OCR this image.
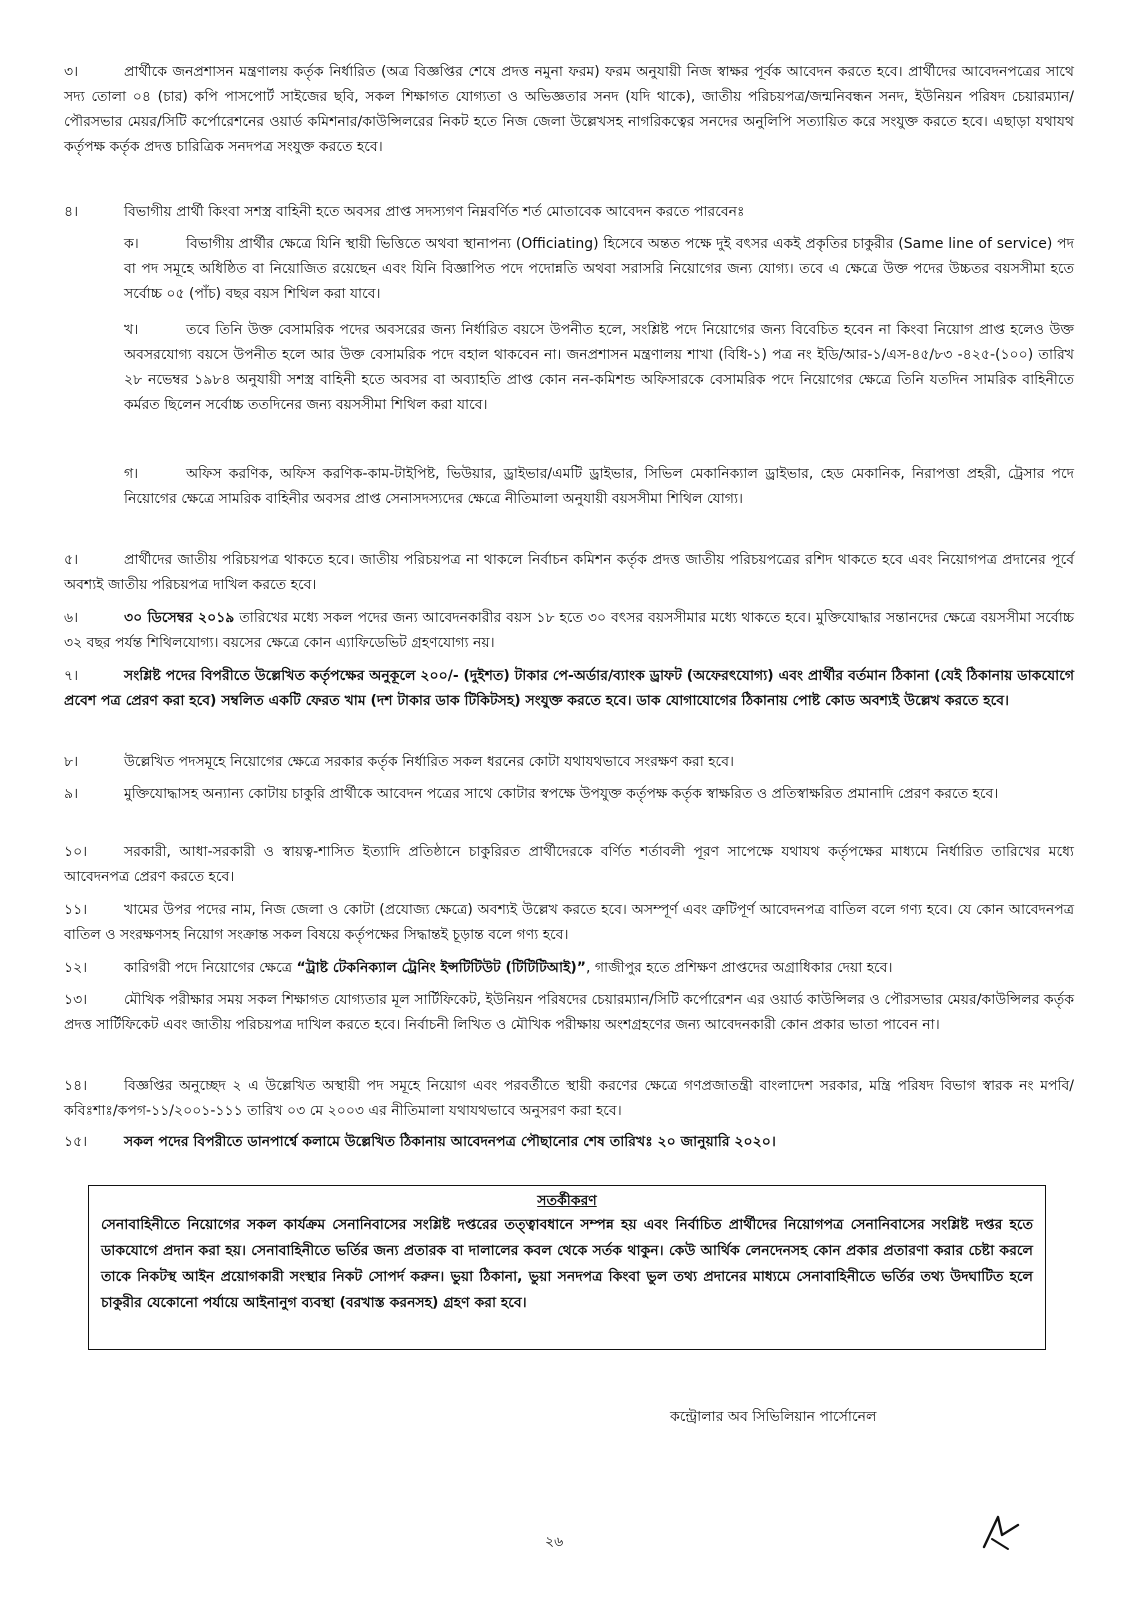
৩।	প্রার্থীকে জনপ্রশাসন মন্ত্রণালয় কর্তৃক নির্ধারিত (অত্র বিজ্ঞপ্তির শেষে প্রদত্ত নমুনা ফরম) ফরম অনুযায়ী নিজ স্বাক্ষর পূর্বক আবেদন করতে হবে। প্রার্থীদের আবেদনপত্রের সাথে সদ্য তোলা ০৪ (চার) কপি পাসপোর্ট সাইজের ছবি, সকল শিক্ষাগত যোগ্যতা ও অভিজ্ঞতার সনদ (যদি থাকে), জাতীয় পরিচয়পত্র/জন্মনিবন্ধন সনদ, ইউনিয়ন পরিষদ চেয়ারম্যান/পৌরসভার মেয়র/সিটি কর্পোরেশনের ওয়ার্ড কমিশনার/কাউন্সিলরের নিকট হতে নিজ জেলা উল্লেখসহ নাগরিকত্বের সনদের অনুলিপি সত্যায়িত করে সংযুক্ত করতে হবে। এছাড়া যথাযথ কর্তৃপক্ষ কর্তৃক প্রদত্ত চারিত্রিক সনদপত্র সংযুক্ত করতে হবে।
৪।	বিভাগীয় প্রার্থী কিংবা সশস্ত্র বাহিনী হতে অবসর প্রাপ্ত সদস্যগণ নিম্নবর্ণিত শর্ত মোতাবেক আবেদন করতে পারবেনঃ
ক।	বিভাগীয় প্রার্থীর ক্ষেত্রে যিনি স্থায়ী ভিত্তিতে অথবা স্থানাপন্য (Officiating) হিসেবে অন্তত পক্ষে দুই বৎসর একই প্রকৃতির চাকুরীর (Same line of service) পদ বা পদ সমূহে অধিষ্ঠিত বা নিয়োজিত রয়েছেন এবং যিনি বিজ্ঞাপিত পদে পদোন্নতি অথবা সরাসরি নিয়োগের জন্য যোগ্য। তবে এ ক্ষেত্রে উক্ত পদের উচ্চতর বয়সসীমা হতে সর্বোচ্চ ০৫ (পাঁচ) বছর বয়স শিথিল করা যাবে।
খ।	তবে তিনি উক্ত বেসামরিক পদের অবসরের জন্য নির্ধারিত বয়সে উপনীত হলে, সংশ্লিষ্ট পদে নিয়োগের জন্য বিবেচিত হবেন না কিংবা নিয়োগ প্রাপ্ত হলেও উক্ত অবসরযোগ্য বয়সে উপনীত হলে আর উক্ত বেসামরিক পদে বহাল থাকবেন না। জনপ্রশাসন মন্ত্রণালয় শাখা (বিধি-১) পত্র নং ইডি/আর-১/এস-৪৫/৮৩ -৪২৫-(১০০) তারিখ ২৮ নভেম্বর ১৯৮৪ অনুযায়ী সশস্ত্র বাহিনী হতে অবসর বা অব্যাহতি প্রাপ্ত কোন নন-কমিশন্ড অফিসারকে বেসামরিক পদে নিয়োগের ক্ষেত্রে তিনি যতদিন সামরিক বাহিনীতে কর্মরত ছিলেন সর্বোচ্চ ততদিনের জন্য বয়সসীমা শিথিল করা যাবে।
গ।	অফিস করণিক, অফিস করণিক-কাম-টাইপিষ্ট, ভিউয়ার, ড্রাইভার/এমটি ড্রাইভার, সিভিল মেকানিক্যাল ড্রাইভার, হেড মেকানিক, নিরাপত্তা প্রহরী, ট্রেসার পদে নিয়োগের ক্ষেত্রে সামরিক বাহিনীর অবসর প্রাপ্ত সেনাসদস্যদের ক্ষেত্রে নীতিমালা অনুযায়ী বয়সসীমা শিথিল যোগ্য।
৫।	প্রার্থীদের জাতীয় পরিচয়পত্র থাকতে হবে। জাতীয় পরিচয়পত্র না থাকলে নির্বাচন কমিশন কর্তৃক প্রদত্ত জাতীয় পরিচয়পত্রের রশিদ থাকতে হবে এবং নিয়োগপত্র প্রদানের পূর্বে অবশ্যই জাতীয় পরিচয়পত্র দাখিল করতে হবে।
৬।	৩০ ডিসেম্বর ২০১৯ তারিখের মধ্যে সকল পদের জন্য আবেদনকারীর বয়স ১৮ হতে ৩০ বৎসর বয়সসীমার মধ্যে থাকতে হবে। মুক্তিযোদ্ধার সন্তানদের ক্ষেত্রে বয়সসীমা সর্বোচ্চ ৩২ বছর পর্যন্ত শিথিলযোগ্য। বয়সের ক্ষেত্রে কোন এ্যাফিডেভিট গ্রহণযোগ্য নয়।
৭।	সংশ্লিষ্ট পদের বিপরীতে উল্লেখিত কর্তৃপক্ষের অনুকূলে ২০০/- (দুইশত) টাকার পে-অর্ডার/ব্যাংক ড্রাফট (অফেরৎযোগ্য) এবং প্রার্থীর বর্তমান ঠিকানা (যেই ঠিকানায় ডাকযোগে প্রবেশ পত্র প্রেরণ করা হবে) সম্বলিত একটি ফেরত খাম (দশ টাকার ডাক টিকিটসহ) সংযুক্ত করতে হবে। ডাক যোগাযোগের ঠিকানায় পোষ্ট কোড অবশ্যই উল্লেখ করতে হবে।
৮।	উল্লেখিত পদসমূহে নিয়োগের ক্ষেত্রে সরকার কর্তৃক নির্ধারিত সকল ধরনের কোটা যথাযথভাবে সংরক্ষণ করা হবে।
৯।	মুক্তিযোদ্ধাসহ অন্যান্য কোটায় চাকুরি প্রার্থীকে আবেদন পত্রের সাথে কোটার স্বপক্ষে উপযুক্ত কর্তৃপক্ষ কর্তৃক স্বাক্ষরিত ও প্রতিস্বাক্ষরিত প্রমানাদি প্রেরণ করতে হবে।
১০।	সরকারী, আধা-সরকারী ও স্বায়ত্ব-শাসিত ইত্যাদি প্রতিষ্ঠানে চাকুরিরত প্রার্থীদেরকে বর্ণিত শর্তাবলী পূরণ সাপেক্ষে যথাযথ কর্তৃপক্ষের মাধ্যমে নির্ধারিত তারিখের মধ্যে আবেদনপত্র প্রেরণ করতে হবে।
১১।	খামের উপর পদের নাম, নিজ জেলা ও কোটা (প্রযোজ্য ক্ষেত্রে) অবশ্যই উল্লেখ করতে হবে। অসম্পূর্ণ এবং ত্রুটিপূর্ণ আবেদনপত্র বাতিল বলে গণ্য হবে। যে কোন আবেদনপত্র বাতিল ও সংরক্ষণসহ নিয়োগ সংক্রান্ত সকল বিষয়ে কর্তৃপক্ষের সিদ্ধান্তই চূড়ান্ত বলে গণ্য হবে।
১২।	কারিগরী পদে নিয়োগের ক্ষেত্রে “ট্রাষ্ট টেকনিক্যাল ট্রেনিং ইন্সটিটিউট (টিটিটিআই)”, গাজীপুর হতে প্রশিক্ষণ প্রাপ্তদের অগ্রাধিকার দেয়া হবে।
১৩।	মৌখিক পরীক্ষার সময় সকল শিক্ষাগত যোগ্যতার মূল সার্টিফিকেট, ইউনিয়ন পরিষদের চেয়ারম্যান/সিটি কর্পোরেশন এর ওয়ার্ড কাউন্সিলর ও পৌরসভার মেয়র/কাউন্সিলর কর্তৃক প্রদত্ত সার্টিফিকেট এবং জাতীয় পরিচয়পত্র দাখিল করতে হবে। নির্বাচনী লিখিত ও মৌখিক পরীক্ষায় অংশগ্রহণের জন্য আবেদনকারী কোন প্রকার ভাতা পাবেন না।
১৪।	বিজ্ঞপ্তির অনুচ্ছেদ ২ এ উল্লেখিত অস্থায়ী পদ সমূহে নিয়োগ এবং পরবর্তীতে স্থায়ী করণের ক্ষেত্রে গণপ্রজাতন্ত্রী বাংলাদেশ সরকার, মন্ত্রি পরিষদ বিভাগ স্বারক নং মপবি/কবিঃশাঃ/কপগ-১১/২০০১-১১১ তারিখ ০৩ মে ২০০৩ এর নীতিমালা যথাযথভাবে অনুসরণ করা হবে।
১৫।	সকল পদের বিপরীতে ডানপার্শ্বে কলামে উল্লেখিত ঠিকানায় আবেদনপত্র পৌছানোর শেষ তারিখঃ ২০ জানুয়ারি ২০২০।
সতর্কীকরণ
সেনাবাহিনীতে নিয়োগের সকল কার্যক্রম সেনানিবাসের সংশ্লিষ্ট দপ্তরের তত্ত্বাবধানে সম্পন্ন হয় এবং নির্বাচিত প্রার্থীদের নিয়োগপত্র সেনানিবাসের সংশ্লিষ্ট দপ্তর হতে ডাকযোগে প্রদান করা হয়। সেনাবাহিনীতে ভর্তির জন্য প্রতারক বা দালালের কবল থেকে সর্তক থাকুন। কেউ আর্থিক লেনদেনসহ কোন প্রকার প্রতারণা করার চেষ্টা করলে তাকে নিকটস্থ আইন প্রয়োগকারী সংস্থার নিকট সোপর্দ করুন। ভুয়া ঠিকানা, ভুয়া সনদপত্র কিংবা ভুল তথ্য প্রদানের মাধ্যমে সেনাবাহিনীতে ভর্তির তথ্য উদঘাটিত হলে চাকুরীর যেকোনো পর্যায়ে আইনানুগ ব্যবস্থা (বরখাস্ত করনসহ) গ্রহণ করা হবে।
কন্ট্রোলার অব সিভিলিয়ান পার্সোনেল
২৬
